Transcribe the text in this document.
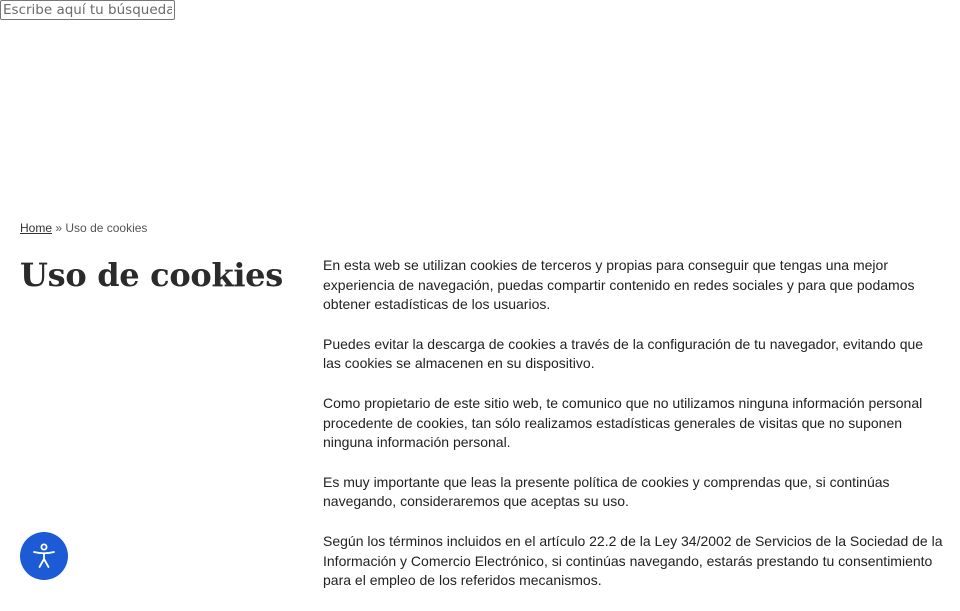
Escribe aquí tu búsqueda
Home » Uso de cookies
Uso de cookies	En esta web se utilizan cookies de terceros y propias para conseguir que tengas una mejor experiencia de navegación, puedas compartir contenido en redes sociales y para que podamos obtener estadísticas de los usuarios.

Puedes evitar la descarga de cookies a través de la configuración de tu navegador, evitando que las cookies se almacenen en su dispositivo.

Como propietario de este sitio web, te comunico que no utilizamos ninguna información personal procedente de cookies, tan sólo realizamos estadísticas generales de visitas que no suponen ninguna información personal.

Es muy importante que leas la presente política de cookies y comprendas que, si continúas navegando, consideraremos que aceptas su uso.

Según los términos incluidos en el artículo 22.2 de la Ley 34/2002 de Servicios de la Sociedad de la Información y Comercio Electrónico, si continúas navegando, estarás prestando tu consentimiento para el empleo de los referidos mecanismos.
